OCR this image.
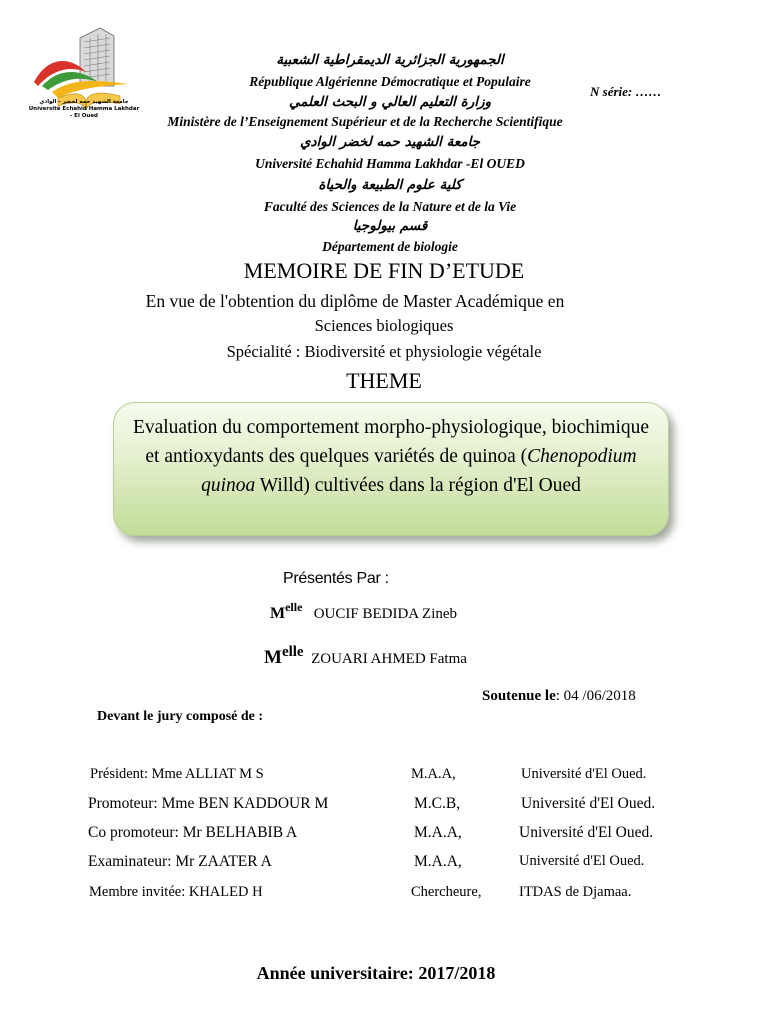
جامعة الشهيد حمه لخضر - الوادي
Université Echahid Hamma Lakhdar - El Oued
الجمهورية الجزائرية الديمقراطية الشعبية
République Algérienne Démocratique et Populaire
وزارة التعليم العالي و البحث العلمي
Ministère de l’Enseignement Supérieur et de la Recherche Scientifique
جامعة الشهيد حمه لخضر الوادي
Université Echahid Hamma Lakhdar -El OUED
كلية علوم الطبيعة والحياة
Faculté des Sciences de la Nature et de la Vie
قسم بيولوجيا
Département de biologie
N série: ……
MEMOIRE DE FIN D’ETUDE
En vue de l'obtention du diplôme de Master Académique en
Sciences biologiques
Spécialité : Biodiversité et physiologie végétale
THEME
Evaluation du comportement morpho-physiologique, biochimique et antioxydants des quelques variétés de quinoa (Chenopodium quinoa Willd) cultivées dans la région d'El Oued
Présentés Par :
$M^{elle}$ OUCIF BEDIDA Zineb
$M^{elle}$ ZOUARI AHMED Fatma
Soutenue le: 04 /06/2018
Devant le jury composé de :
Président: Mme ALLIAT M S	M.A.A,	Université d'El Oued.
Promoteur: Mme BEN KADDOUR M	M.C.B,	Université d'El Oued.
Co promoteur: Mr BELHABIB A	M.A.A,	Université d'El Oued.
Examinateur: Mr ZAATER A	M.A.A,	Université d'El Oued.
Membre invitée: KHALED H	Chercheure,	ITDAS de Djamaa.
Année universitaire: 2017/2018
